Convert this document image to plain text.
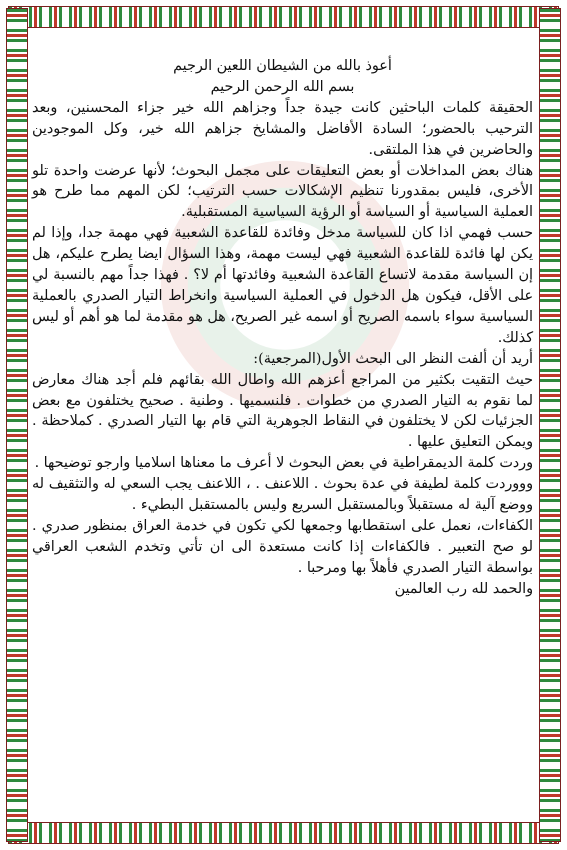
أعوذ بالله من الشيطان اللعين الرجيم

بسم الله الرحمن الرحيم

الحقيقة كلمات الباحثين كانت جيدة جداً وجزاهم الله خير جزاء المحسنين، وبعد الترحيب بالحضور؛ السادة الأفاضل والمشايخ جزاهم الله خير، وكل الموجودين والحاضرين في هذا الملتقى.

هناك بعض المداخلات أو بعض التعليقات على مجمل البحوث؛ لأنها عرضت واحدة تلو الأخرى، فليس بمقدورنا تنظيم الإشكالات حسب الترتيب؛ لكن المهم مما طرح هو العملية السياسية أو السياسة أو الرؤية السياسية المستقبلية.

حسب فهمي اذا كان للسياسة مدخل وفائدة للقاعدة الشعبية فهي مهمة جدا، وإذا لم يكن لها فائدة للقاعدة الشعبية فهي ليست مهمة، وهذا السؤال ايضا يطرح عليكم، هل إن السياسة مقدمة لاتساع القاعدة الشعبية وفائدتها أم لا؟ . فهذا جداً مهم بالنسبة لي على الأقل، فيكون هل الدخول في العملية السياسية وانخراط التيار الصدري بالعملية السياسية سواء باسمه الصريح أو اسمه غير الصريح، هل هو مقدمة لما هو أهم أو ليس كذلك.

أريد أن ألفت النظر الى البحث الأول(المرجعية):

حيث التقيت بكثير من المراجع أعزهم الله واطال الله بقائهم فلم أجد هناك معارض لما نقوم به التيار الصدري من خطوات . فلنسميها . وطنية . صحيح يختلفون مع بعض الجزئيات لكن لا يختلفون في النقاط الجوهرية التي قام بها التيار الصدري . كملاحظة . ويمكن التعليق عليها .

وردت كلمة الديمقراطية في بعض البحوث لا أعرف ما معناها اسلاميا وارجو توضيحها .

وووردت كلمة لطيفة في عدة بحوث . اللاعنف . ، اللاعنف يجب السعي له والتثقيف له ووضع آلية له مستقبلاً وبالمستقبل السريع وليس بالمستقبل البطيء .

الكفاءات، نعمل على استقطابها وجمعها لكي تكون في خدمة العراق بمنظور صدري . لو صح التعبير . فالكفاءات إذا كانت مستعدة الى ان تأتي وتخدم الشعب العراقي بواسطة التيار الصدري فأهلاً بها ومرحبا .

والحمد لله رب العالمين
